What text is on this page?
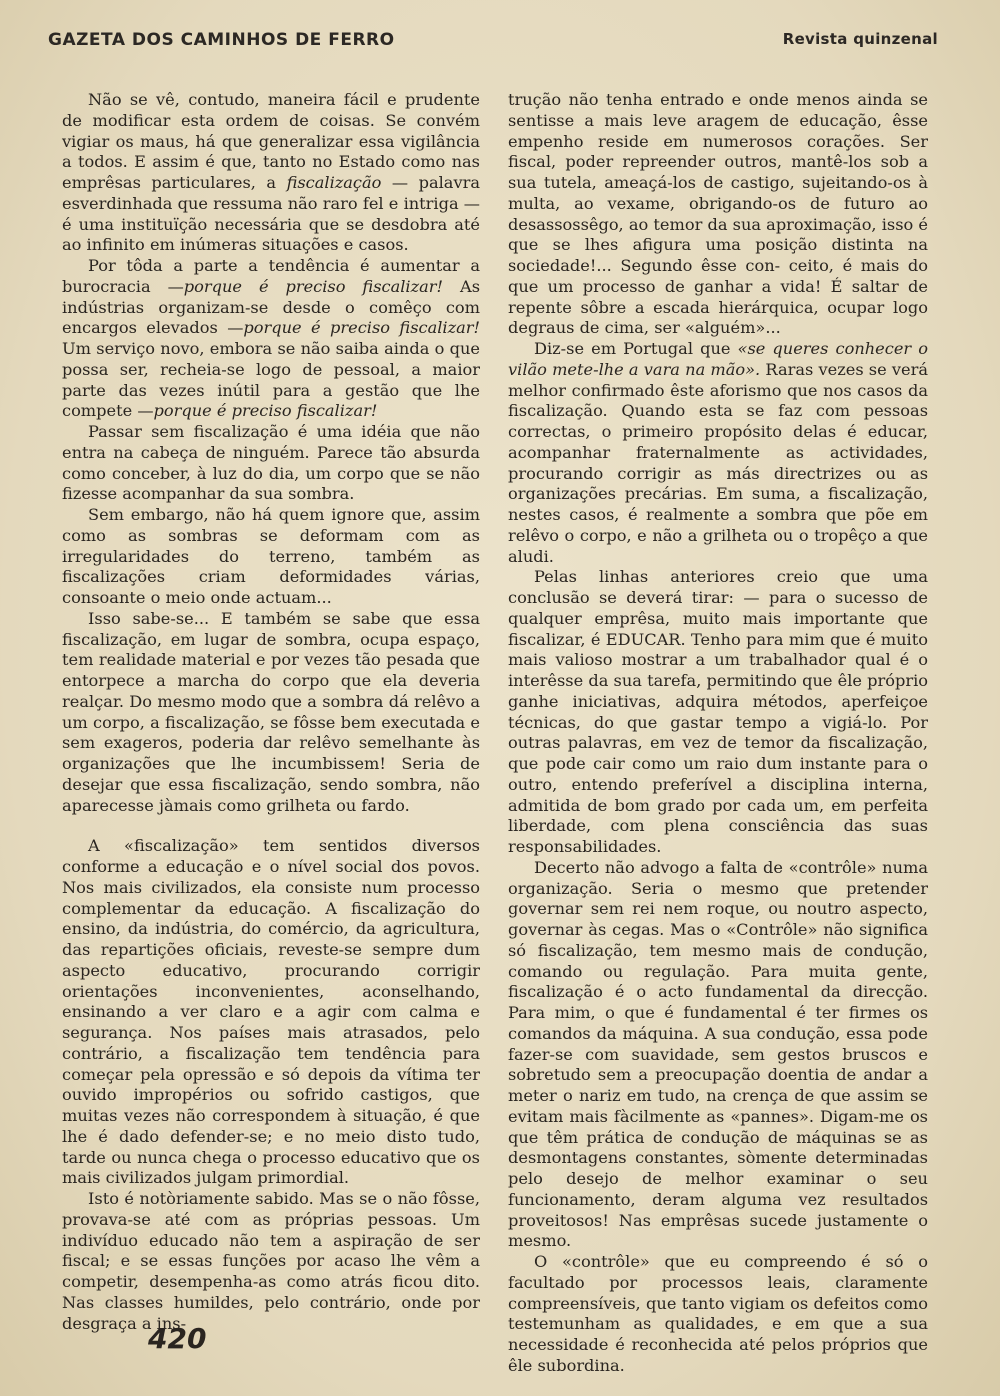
GAZETA DOS CAMINHOS DE FERRO	Revista quinzenal

Não se vê, contudo, maneira fácil e prudente de modificar esta ordem de coisas. Se convém vigiar os maus, há que generalizar essa vigilância a todos. E assim é que, tanto no Estado como nas emprêsas particulares, a fiscalização — palavra esverdinhada que ressuma não raro fel e intriga — é uma instituïção necessária que se desdobra até ao infinito em inúmeras situações e casos.

Por tôda a parte a tendência é aumentar a burocracia —porque é preciso fiscalizar! As indústrias organizam-se desde o comêço com encargos elevados —porque é preciso fiscalizar! Um serviço novo, embora se não saiba ainda o que possa ser, recheia-se logo de pessoal, a maior parte das vezes inútil para a gestão que lhe compete —porque é preciso fiscalizar!

Passar sem fiscalização é uma idéia que não entra na cabeça de ninguém. Parece tão absurda como conceber, à luz do dia, um corpo que se não fizesse acompanhar da sua sombra.

Sem embargo, não há quem ignore que, assim como as sombras se deformam com as irregularidades do terreno, também as fiscalizações criam deformidades várias, consoante o meio onde actuam...

Isso sabe-se... E também se sabe que essa fiscalização, em lugar de sombra, ocupa espaço, tem realidade material e por vezes tão pesada que entorpece a marcha do corpo que ela deveria realçar. Do mesmo modo que a sombra dá relêvo a um corpo, a fiscalização, se fôsse bem executada e sem exageros, poderia dar relêvo semelhante às organizações que lhe incumbissem! Seria de desejar que essa fiscalização, sendo sombra, não aparecesse jàmais como grilheta ou fardo.

A «fiscalização» tem sentidos diversos conforme a educação e o nível social dos povos. Nos mais civilizados, ela consiste num processo complementar da educação. A fiscalização do ensino, da indústria, do comércio, da agricultura, das repartições oficiais, reveste-se sempre dum aspecto educativo, procurando corrigir orientações inconvenientes, aconselhando, ensinando a ver claro e a agir com calma e segurança. Nos países mais atrasados, pelo contrário, a fiscalização tem tendência para começar pela opressão e só depois da vítima ter ouvido impropérios ou sofrido castigos, que muitas vezes não correspondem à situação, é que lhe é dado defender-se; e no meio disto tudo, tarde ou nunca chega o processo educativo que os mais civilizados julgam primordial.

Isto é notòriamente sabido. Mas se o não fôsse, provava-se até com as próprias pessoas. Um indivíduo educado não tem a aspiração de ser fiscal; e se essas funções por acaso lhe vêm a competir, desempenha-as como atrás ficou dito. Nas classes humildes, pelo contrário, onde por desgraça a ins-

trução não tenha entrado e onde menos ainda se sentisse a mais leve aragem de educação, êsse empenho reside em numerosos corações. Ser fiscal, poder repreender outros, mantê-los sob a sua tutela, ameaçá-los de castigo, sujeitando-os à multa, ao vexame, obrigando-os de futuro ao desassossêgo, ao temor da sua aproximação, isso é que se lhes afigura uma posição distinta na sociedade!... Segundo êsse con- ceito, é mais do que um processo de ganhar a vida! É saltar de repente sôbre a escada hierárquica, ocupar logo degraus de cima, ser «alguém»...

Diz-se em Portugal que «se queres conhecer o vilão mete-lhe a vara na mão». Raras vezes se verá melhor confirmado êste aforismo que nos casos da fiscalização. Quando esta se faz com pessoas correctas, o primeiro propósito delas é educar, acompanhar fraternalmente as actividades, procurando corrigir as más directrizes ou as organizações precárias. Em suma, a fiscalização, nestes casos, é realmente a sombra que põe em relêvo o corpo, e não a grilheta ou o tropêço a que aludi.

Pelas linhas anteriores creio que uma conclusão se deverá tirar: — para o sucesso de qualquer emprêsa, muito mais importante que fiscalizar, é EDUCAR. Tenho para mim que é muito mais valioso mostrar a um trabalhador qual é o interêsse da sua tarefa, permitindo que êle próprio ganhe iniciativas, adquira métodos, aperfeiçoe técnicas, do que gastar tempo a vigiá-lo. Por outras palavras, em vez de temor da fiscalização, que pode cair como um raio dum instante para o outro, entendo preferível a disciplina interna, admitida de bom grado por cada um, em perfeita liberdade, com plena consciência das suas responsabilidades.

Decerto não advogo a falta de «contrôle» numa organização. Seria o mesmo que pretender governar sem rei nem roque, ou noutro aspecto, governar às cegas. Mas o «Contrôle» não significa só fiscalização, tem mesmo mais de condução, comando ou regulação. Para muita gente, fiscalização é o acto fundamental da direcção. Para mim, o que é fundamental é ter firmes os comandos da máquina. A sua condução, essa pode fazer-se com suavidade, sem gestos bruscos e sobretudo sem a preocupação doentia de andar a meter o nariz em tudo, na crença de que assim se evitam mais fàcilmente as «pannes». Digam-me os que têm prática de condução de máquinas se as desmontagens constantes, sòmente determinadas pelo desejo de melhor examinar o seu funcionamento, deram alguma vez resultados proveitosos! Nas emprêsas sucede justamente o mesmo.

O «contrôle» que eu compreendo é só o facultado por processos leais, claramente compreensíveis, que tanto vigiam os defeitos como testemunham as qualidades, e em que a sua necessidade é reconhecida até pelos próprios que êle subordina.

420
